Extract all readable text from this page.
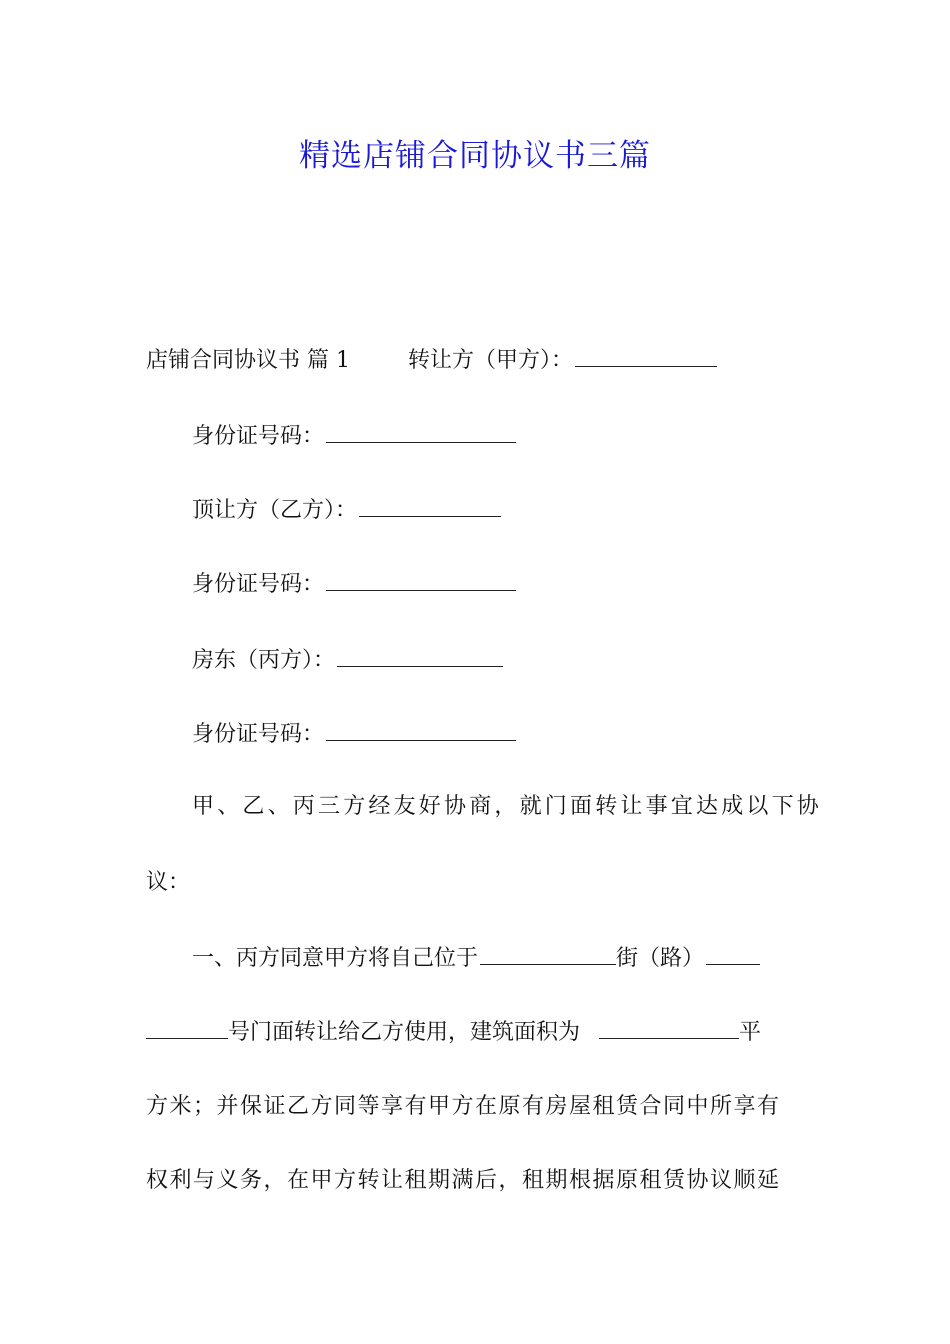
精选店铺合同协议书三篇
店铺合同协议书 篇 1	转让方（甲方）：
身份证号码：
顶让方（乙方）：
身份证号码：
房东（丙方）：
身份证号码：
甲、乙、丙三方经友好协商，就门面转让事宜达成以下协
议：
一、丙方同意甲方将自己位于	街（路）
号门面转让给乙方使用，建筑面积为	平
方米；并保证乙方同等享有甲方在原有房屋租赁合同中所享有
权利与义务，在甲方转让租期满后，租期根据原租赁协议顺延
